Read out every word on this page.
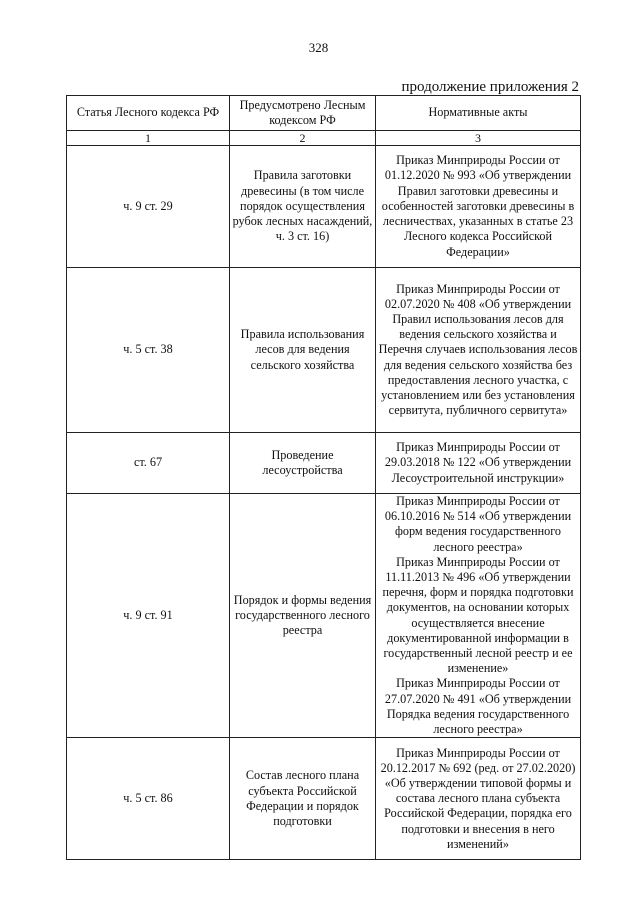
328
продолжение приложения 2
Статья Лесного кодекса РФ	Предусмотрено Лесным кодексом РФ	Нормативные акты
1	2	3
ч. 9 ст. 29	Правила заготовки древесины (в том числе порядок осуществления рубок лесных насаждений, ч. 3 ст. 16)	Приказ Минприроды России от 01.12.2020 № 993 «Об утверждении Правил заготовки древесины и особенностей заготовки древесины в лесничествах, указанных в статье 23 Лесного кодекса Российской Федерации»

ч. 5 ст. 38	Правила использования лесов для ведения сельского хозяйства	Приказ Минприроды России от 02.07.2020 № 408 «Об утверждении Правил использования лесов для ведения сельского хозяйства и Перечня случаев использования лесов для ведения сельского хозяйства без предоставления лесного участка, с установлением или без установления сервитута, публичного сервитута»

ст. 67	Проведение лесоустройства	Приказ Минприроды России от 29.03.2018 № 122 «Об утверждении Лесоустроительной инструкции»

ч. 9 ст. 91	Порядок и формы ведения государственного лесного реестра	Приказ Минприроды России от 06.10.2016 № 514 «Об утверждении форм ведения государственного лесного реестра»
Приказ Минприроды России от 11.11.2013 № 496 «Об утверждении перечня, форм и порядка подготовки документов, на основании которых осуществляется внесение документированной информации в государственный лесной реестр и ее изменение»
Приказ Минприроды России от 27.07.2020 № 491 «Об утверждении Порядка ведения государственного лесного реестра»

ч. 5 ст. 86	Состав лесного плана субъекта Российской Федерации и порядок подготовки	Приказ Минприроды России от 20.12.2017 № 692 (ред. от 27.02.2020) «Об утверждении типовой формы и состава лесного плана субъекта Российской Федерации, порядка его подготовки и внесения в него изменений»
